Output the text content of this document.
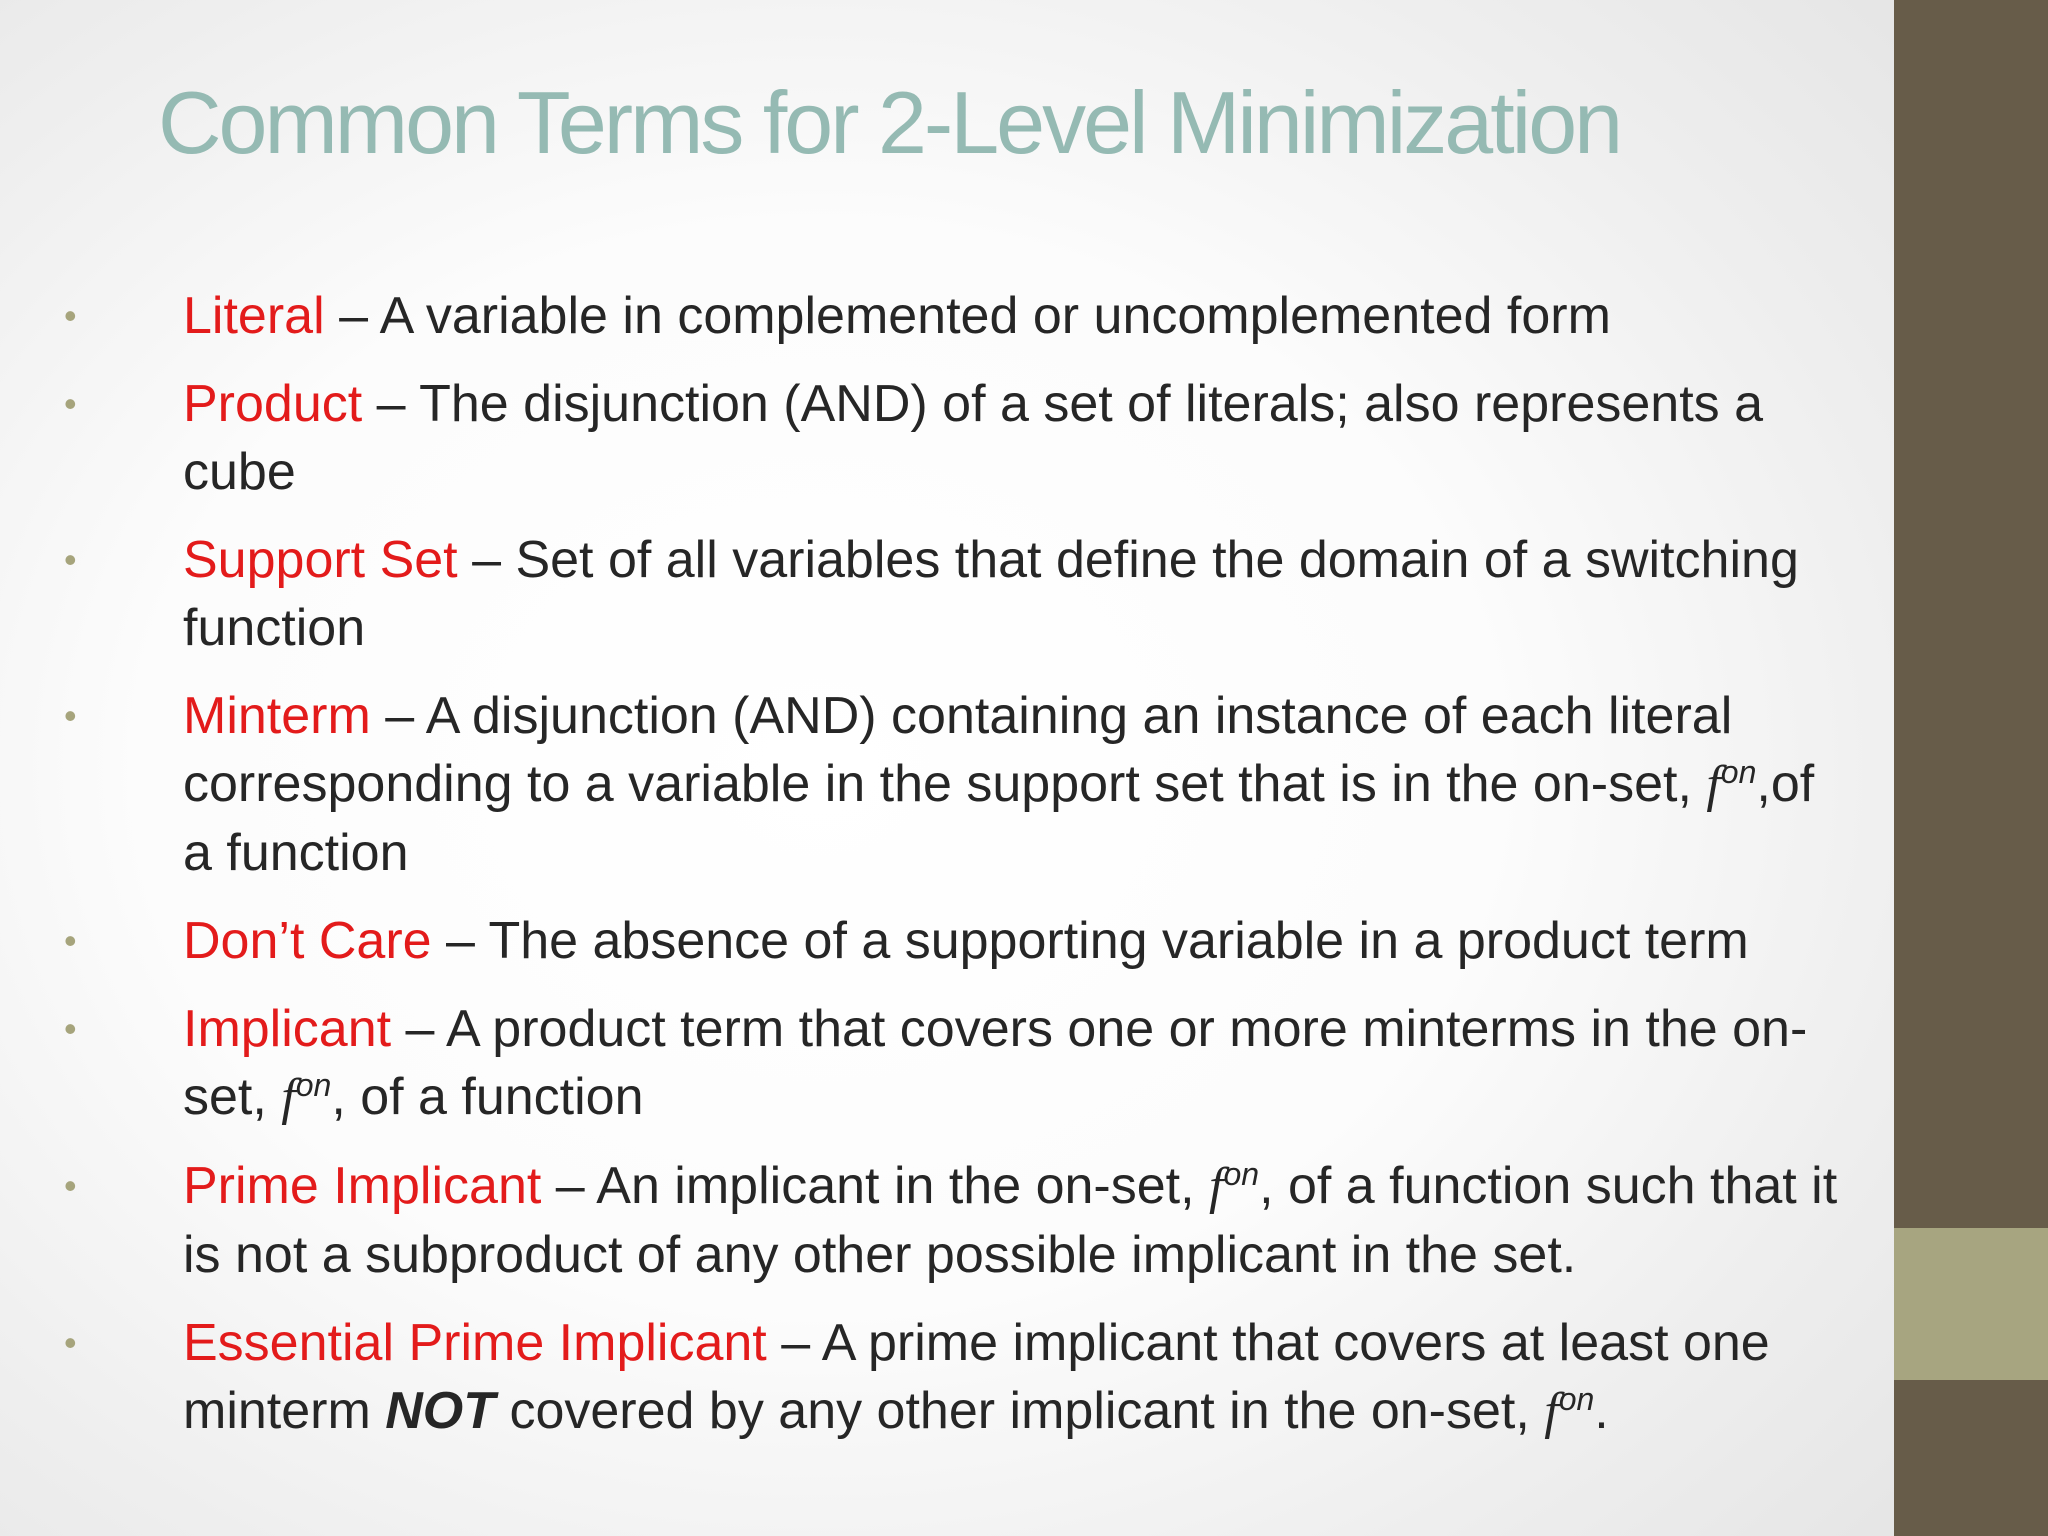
Common Terms for 2-Level Minimization
• Literal – A variable in complemented or uncomplemented form
• Product – The disjunction (AND) of a set of literals; also represents a cube
• Support Set – Set of all variables that define the domain of a switching function
• Minterm – A disjunction (AND) containing an instance of each literal corresponding to a variable in the support set that is in the on-set, $f^{on},of$ a function
• Don’t Care – The absence of a supporting variable in a product term
• Implicant – A product term that covers one or more minterms in the on-set, $f^{on}$, of a function
• Prime Implicant – An implicant in the on-set, $f^{on}$, of a function such that it is not a subproduct of any other possible implicant in the set.
• Essential Prime Implicant – A prime implicant that covers at least one minterm NOT covered by any other implicant in the on-set, $f^{on}$.
